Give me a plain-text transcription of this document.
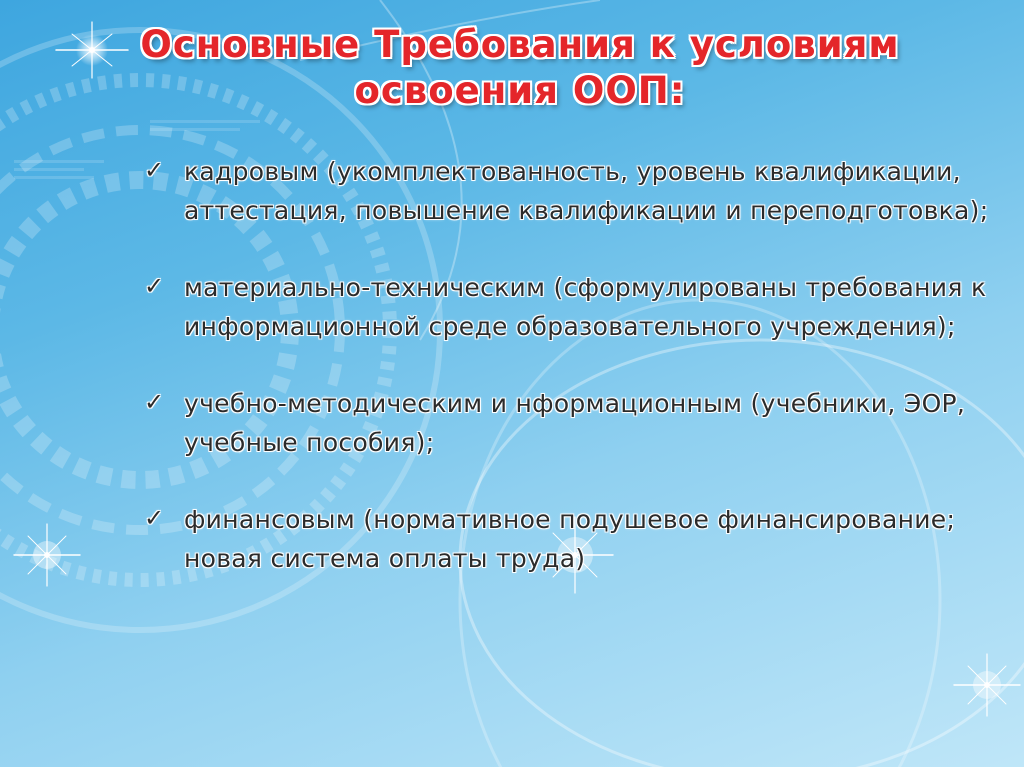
Основные Требования к условиям
освоения ООП:
✓ кадровым (укомплектованность, уровень квалификации, аттестация, повышение квалификации и переподготовка);
✓ материально-техническим (сформулированы требования к информационной среде образовательного учреждения);
✓ учебно-методическим и нформационным (учебники, ЭОР, учебные пособия);
✓ финансовым (нормативное подушевое финансирование; новая система оплаты труда)
